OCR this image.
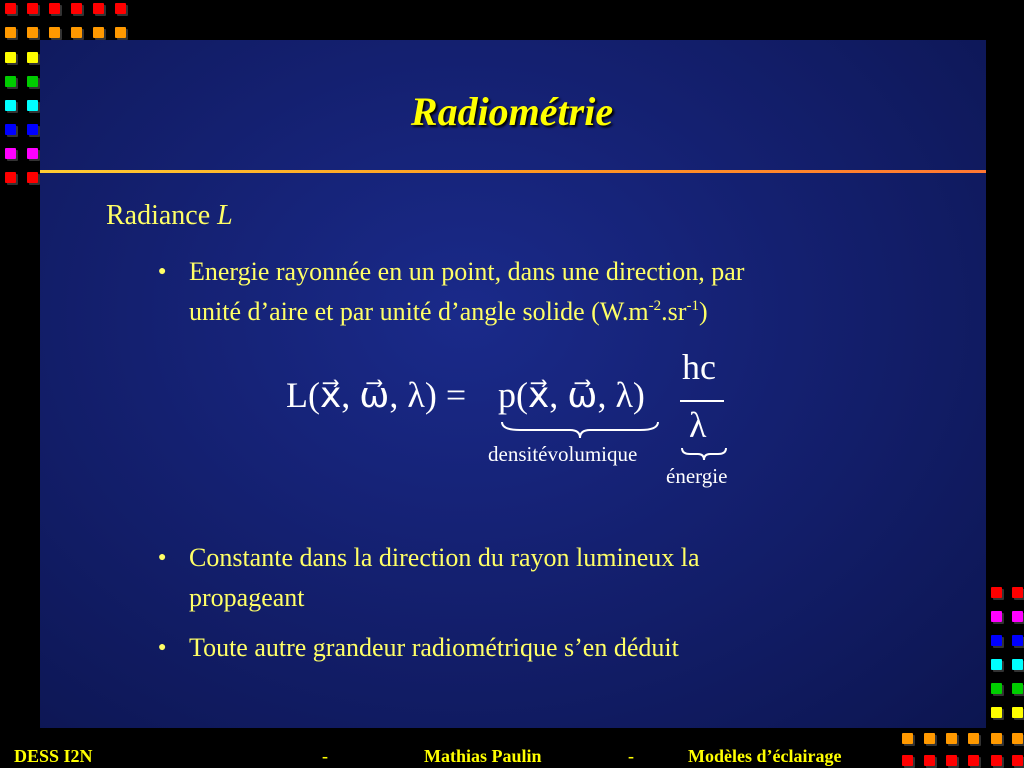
Radiométrie
Radiance L
● Energie rayonnée en un point, dans une direction, par
unité d’aire et par unité d’angle solide $(W.m^{-2}.sr^{-1})$
L(x⃗, ω⃗, λ) = p(x⃗, ω⃗, λ)
hc
λ
densitévolumique
énergie
● Constante dans la direction du rayon lumineux la
propageant
● Toute autre grandeur radiométrique s’en déduit
DESS I2N	-	Mathias Paulin	-	Modèles d’éclairage
